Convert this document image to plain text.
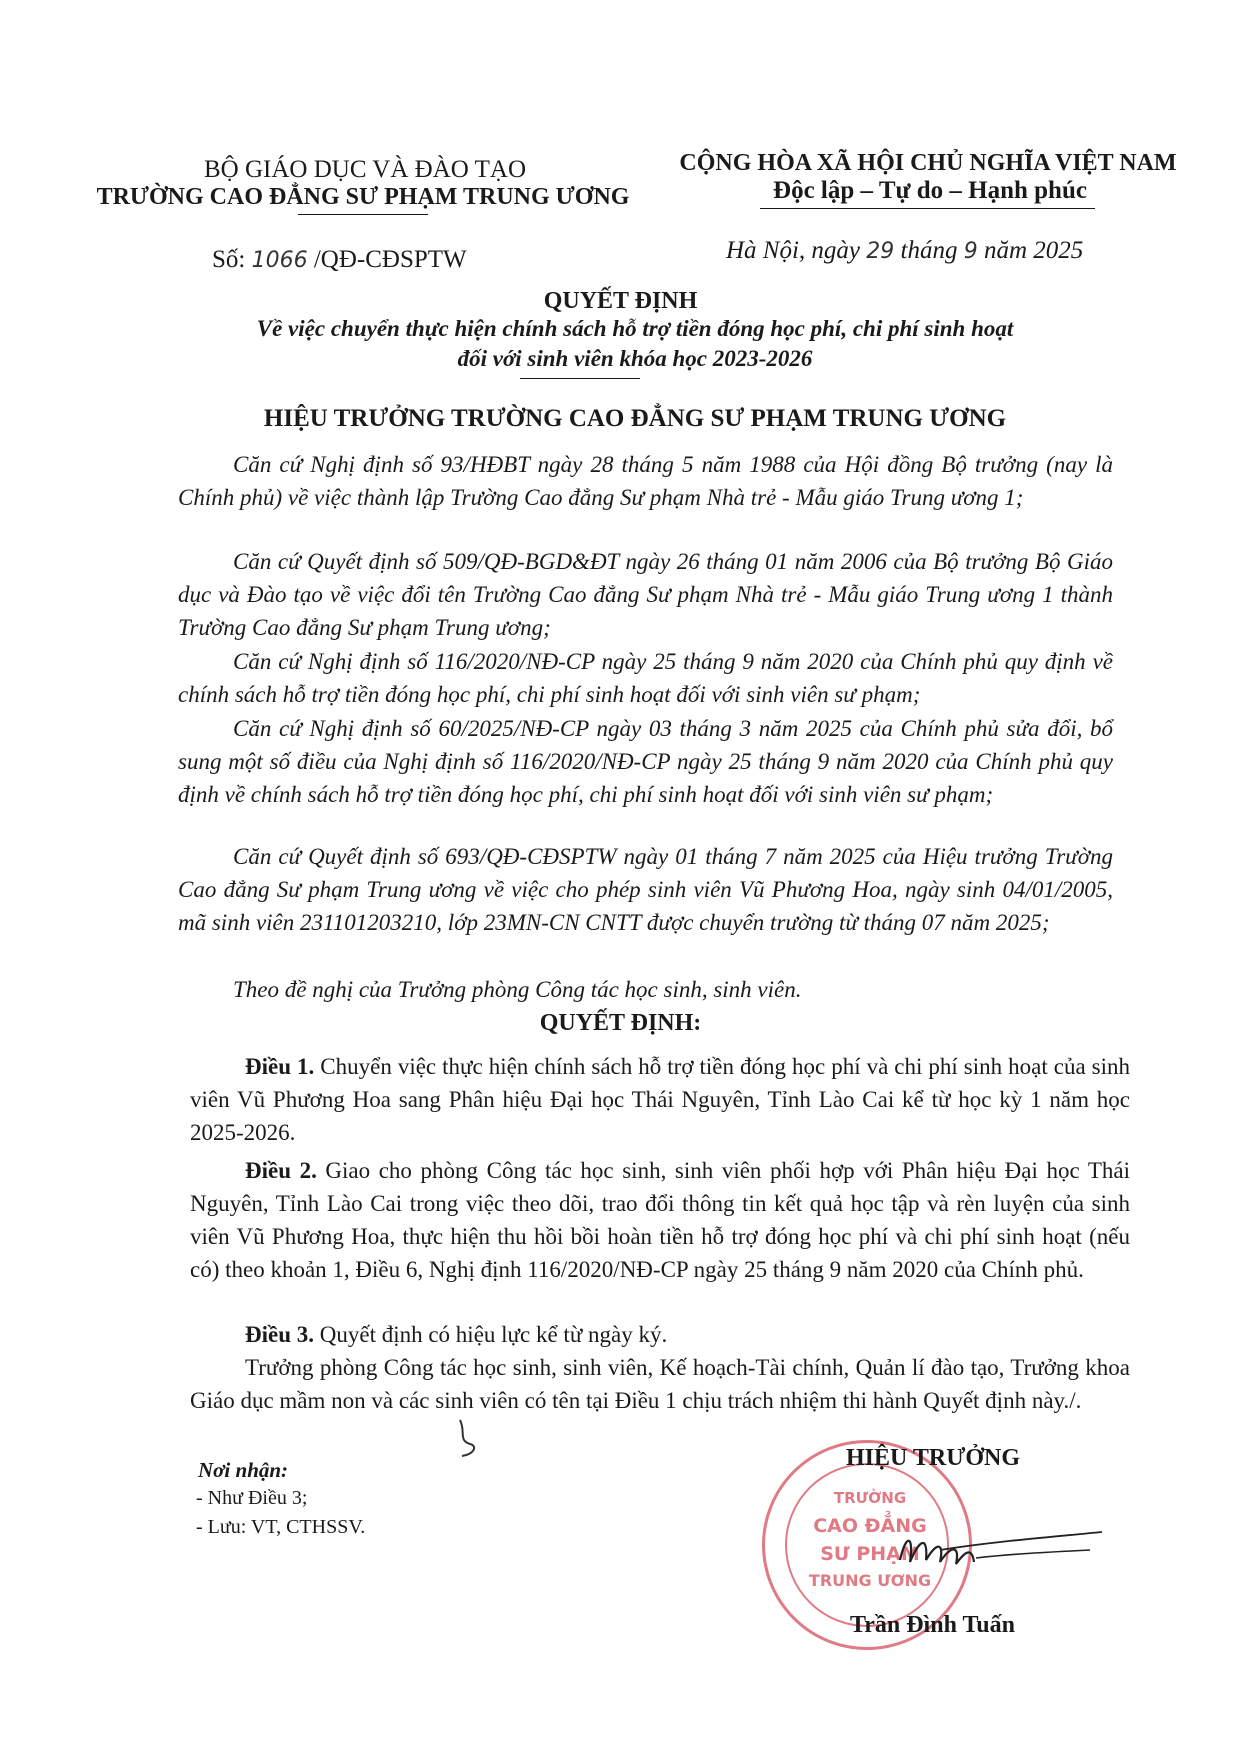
BỘ GIÁO DỤC VÀ ĐÀO TẠO
TRƯỜNG CAO ĐẲNG SƯ PHẠM TRUNG ƯƠNG
Số: 1066 /QĐ-CĐSPTW
CỘNG HÒA XÃ HỘI CHỦ NGHĨA VIỆT NAM
Độc lập – Tự do – Hạnh phúc
Hà Nội, ngày 29 tháng 9 năm 2025
QUYẾT ĐỊNH
Về việc chuyển thực hiện chính sách hỗ trợ tiền đóng học phí, chi phí sinh hoạt
đối với sinh viên khóa học 2023-2026
HIỆU TRƯỞNG TRƯỜNG CAO ĐẲNG SƯ PHẠM TRUNG ƯƠNG
Căn cứ Nghị định số 93/HĐBT ngày 28 tháng 5 năm 1988 của Hội đồng Bộ trưởng (nay là Chính phủ) về việc thành lập Trường Cao đẳng Sư phạm Nhà trẻ - Mẫu giáo Trung ương 1;
Căn cứ Quyết định số 509/QĐ-BGD&ĐT ngày 26 tháng 01 năm 2006 của Bộ trưởng Bộ Giáo dục và Đào tạo về việc đổi tên Trường Cao đẳng Sư phạm Nhà trẻ - Mẫu giáo Trung ương 1 thành Trường Cao đẳng Sư phạm Trung ương;
Căn cứ Nghị định số 116/2020/NĐ-CP ngày 25 tháng 9 năm 2020 của Chính phủ quy định về chính sách hỗ trợ tiền đóng học phí, chi phí sinh hoạt đối với sinh viên sư phạm;
Căn cứ Nghị định số 60/2025/NĐ-CP ngày 03 tháng 3 năm 2025 của Chính phủ sửa đổi, bổ sung một số điều của Nghị định số 116/2020/NĐ-CP ngày 25 tháng 9 năm 2020 của Chính phủ quy định về chính sách hỗ trợ tiền đóng học phí, chi phí sinh hoạt đối với sinh viên sư phạm;
Căn cứ Quyết định số 693/QĐ-CĐSPTW ngày 01 tháng 7 năm 2025 của Hiệu trưởng Trường Cao đẳng Sư phạm Trung ương về việc cho phép sinh viên Vũ Phương Hoa, ngày sinh 04/01/2005, mã sinh viên 231101203210, lớp 23MN-CN CNTT được chuyển trường từ tháng 07 năm 2025;
Theo đề nghị của Trưởng phòng Công tác học sinh, sinh viên.
QUYẾT ĐỊNH:
Điều 1. Chuyển việc thực hiện chính sách hỗ trợ tiền đóng học phí và chi phí sinh hoạt của sinh viên Vũ Phương Hoa sang Phân hiệu Đại học Thái Nguyên, Tỉnh Lào Cai kể từ học kỳ 1 năm học 2025-2026.
Điều 2. Giao cho phòng Công tác học sinh, sinh viên phối hợp với Phân hiệu Đại học Thái Nguyên, Tỉnh Lào Cai trong việc theo dõi, trao đổi thông tin kết quả học tập và rèn luyện của sinh viên Vũ Phương Hoa, thực hiện thu hồi bồi hoàn tiền hỗ trợ đóng học phí và chi phí sinh hoạt (nếu có) theo khoản 1, Điều 6, Nghị định 116/2020/NĐ-CP ngày 25 tháng 9 năm 2020 của Chính phủ.
Điều 3. Quyết định có hiệu lực kể từ ngày ký.
Trưởng phòng Công tác học sinh, sinh viên, Kế hoạch-Tài chính, Quản lí đào tạo, Trưởng khoa Giáo dục mầm non và các sinh viên có tên tại Điều 1 chịu trách nhiệm thi hành Quyết định này./.
Nơi nhận:
- Như Điều 3;
- Lưu: VT, CTHSSV.
TRƯỜNG
CAO ĐẲNG
SƯ PHẠM
TRUNG ƯƠNG
HIỆU TRƯỞNG
Trần Đình Tuấn
